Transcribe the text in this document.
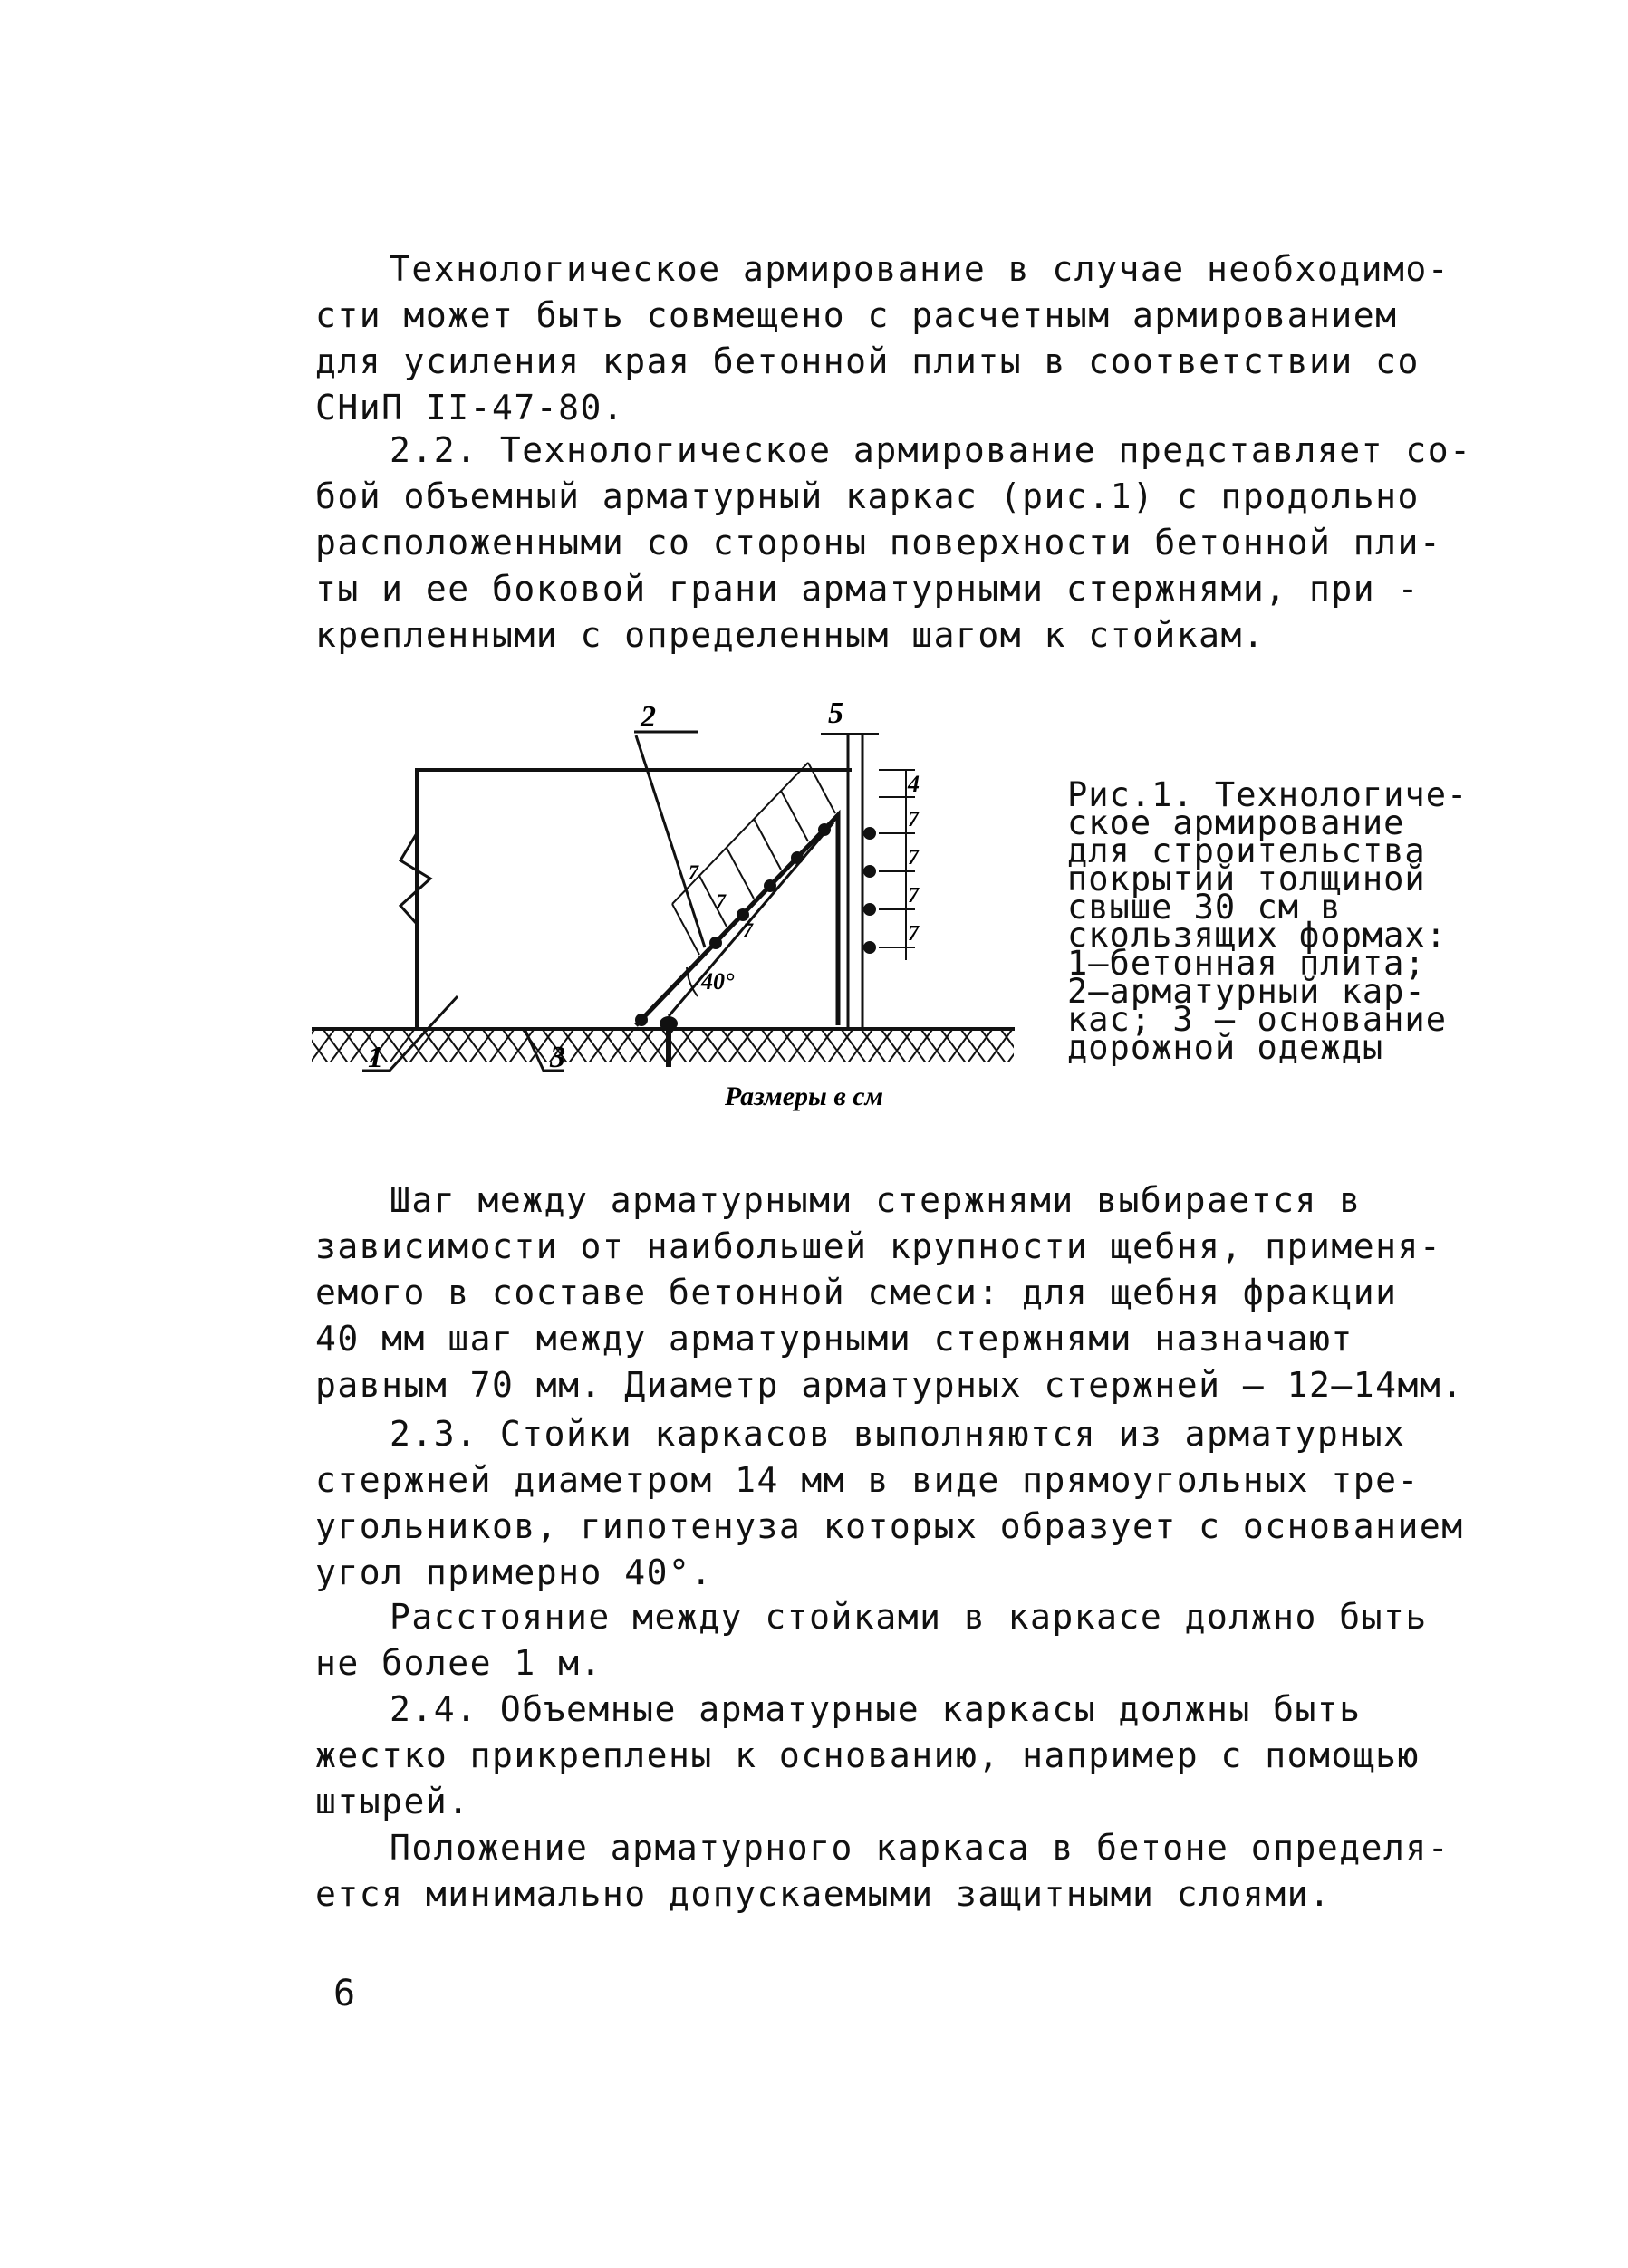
Технологическое армирование в случае необходимо-
сти может быть совмещено с расчетным армированием
для усиления края бетонной плиты в соответствии со
СНиП II-47-80.

2.2. Технологическое армирование представляет со-
бой объемный арматурный каркас (рис.1) с продольно
расположенными со стороны поверхности бетонной пли-
ты и ее боковой грани арматурными стержнями, при -
крепленными с определенным шагом к стойкам.

2	5
4
40°
1	3
7
7
7
7
7
7
7
Размеры в см

Рис.1. Технологиче-
ское армирование
для строительства
покрытий толщиной
свыше 30 см в
скользящих формах:
1–бетонная плита;
2–арматурный кар-
кас; 3 – основание
дорожной одежды

Шаг между арматурными стержнями выбирается в
зависимости от наибольшей крупности щебня, применя-
емого в составе бетонной смеси: для щебня фракции
40 мм шаг между арматурными стержнями назначают
равным 70 мм. Диаметр арматурных стержней – 12–14мм.

2.3. Стойки каркасов выполняются из арматурных
стержней диаметром 14 мм в виде прямоугольных тре-
угольников, гипотенуза которых образует с основанием
угол примерно 40°.

Расстояние между стойками в каркасе должно быть
не более 1 м.

2.4. Объемные арматурные каркасы должны быть
жестко прикреплены к основанию, например с помощью
штырей.

Положение арматурного каркаса в бетоне определя-
ется минимально допускаемыми защитными слоями.

6
